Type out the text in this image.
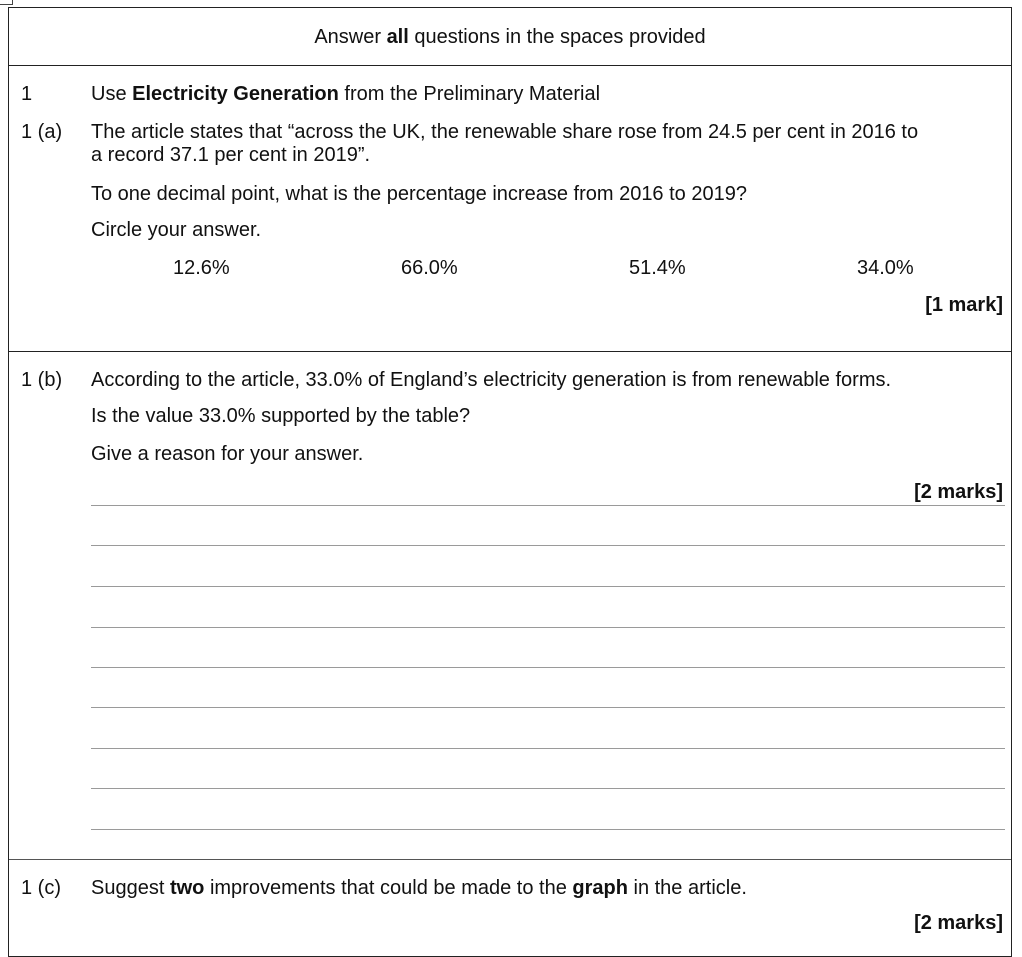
Answer all questions in the spaces provided
1	Use Electricity Generation from the Preliminary Material
1 (a) The article states that “across the UK, the renewable share rose from 24.5 per cent in 2016 to
a record 37.1 per cent in 2019”.
To one decimal point, what is the percentage increase from 2016 to 2019?
Circle your answer.
12.6%	66.0%	51.4%	34.0%
[1 mark]
1 (b) According to the article, 33.0% of England’s electricity generation is from renewable forms.
Is the value 33.0% supported by the table?
Give a reason for your answer.
[2 marks]
1 (c) Suggest two improvements that could be made to the graph in the article.
[2 marks]
